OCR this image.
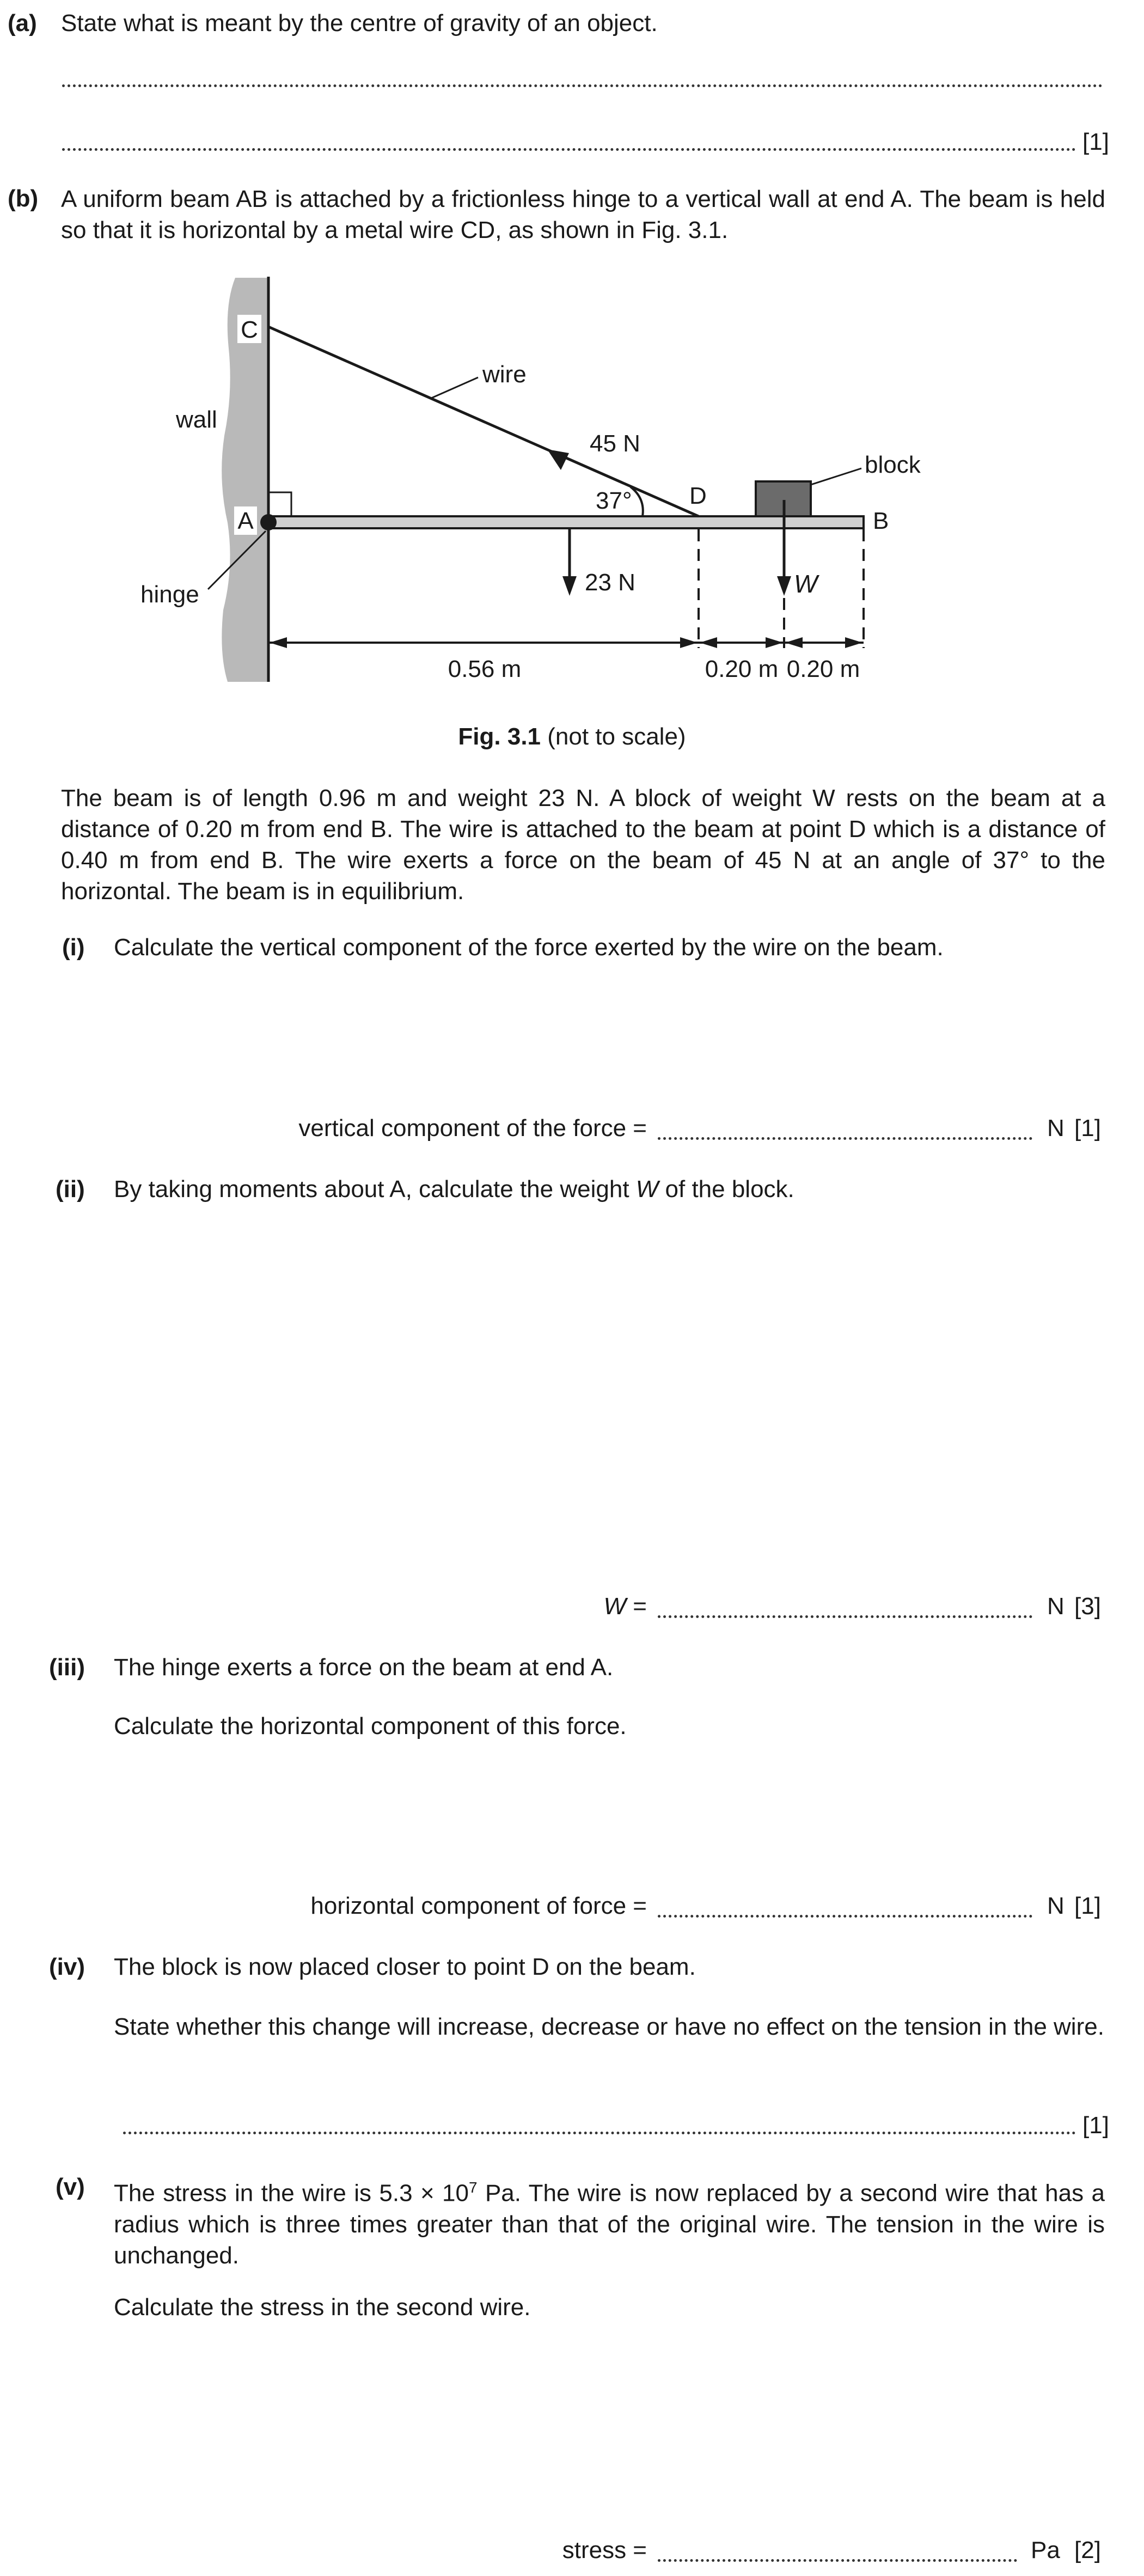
(a) State what is meant by the centre of gravity of an object.
[1]
(b) A uniform beam AB is attached by a frictionless hinge to a vertical wall at end A. The beam is held so that it is horizontal by a metal wire CD, as shown in Fig. 3.1.

C
A	B
D
wall
hinge
wire
block
45 N
37°
23 N	W
0.56 m	0.20 m 0.20 m
Fig. 3.1 (not to scale)

The beam is of length 0.96 m and weight 23 N. A block of weight W rests on the beam at a distance of 0.20 m from end B. The wire is attached to the beam at point D which is a distance of 0.40 m from end B. The wire exerts a force on the beam of 45 N at an angle of 37° to the horizontal. The beam is in equilibrium.

(i) Calculate the vertical component of the force exerted by the wire on the beam.
vertical component of the force =	N [1]
(ii) By taking moments about A, calculate the weight W of the block.
W =	N [3]
(iii) The hinge exerts a force on the beam at end A.
Calculate the horizontal component of this force.
horizontal component of force =	N [1]
(iv) The block is now placed closer to point D on the beam.

State whether this change will increase, decrease or have no effect on the tension in the wire.

[1]
(v) The stress in the wire is $5.3 \times 10^7$ Pa. The wire is now replaced by a second wire that has a radius which is three times greater than that of the original wire. The tension in the wire is unchanged.

Calculate the stress in the second wire.
stress =	Pa [2]
